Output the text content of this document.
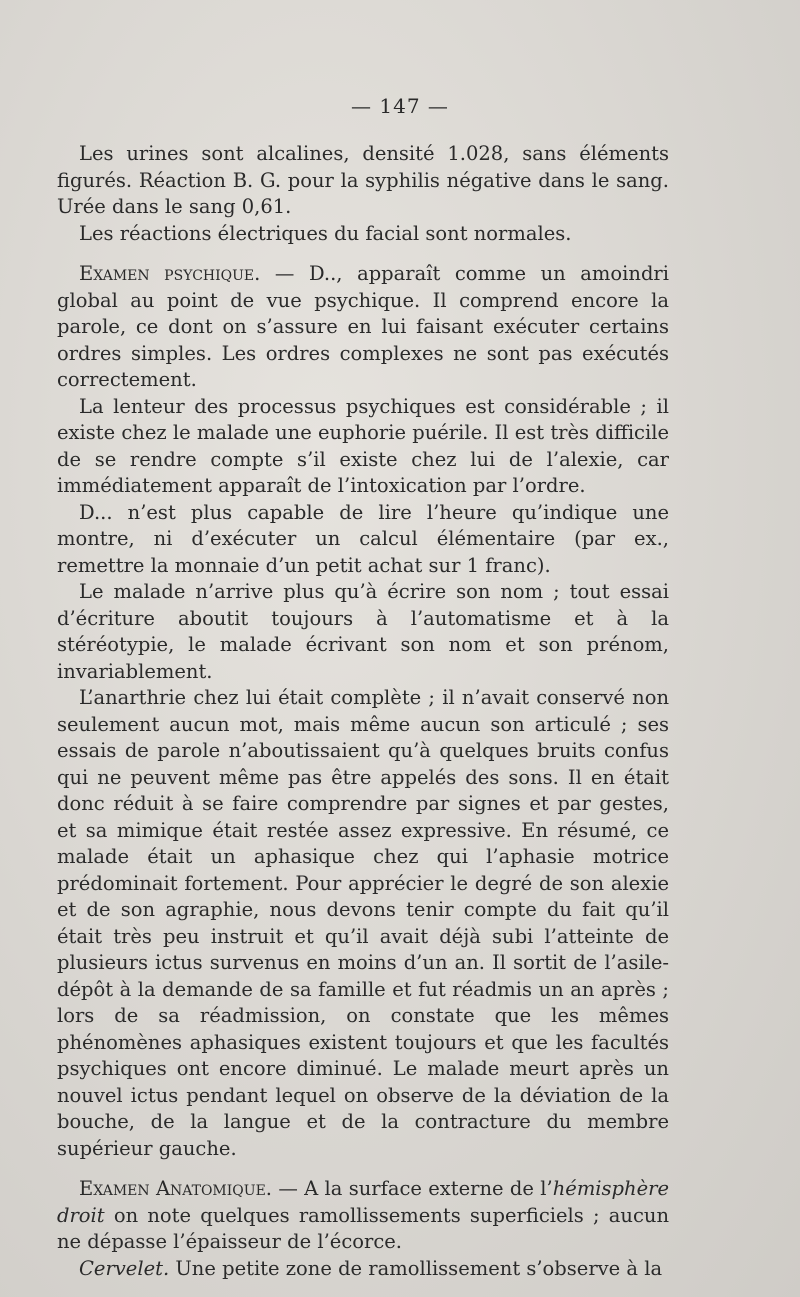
— 147 —

Les urines sont alcalines, densité 1.028, sans éléments figurés. Réaction B. G. pour la syphilis négative dans le sang. Urée dans le sang 0,61.

Les réactions électriques du facial sont normales.

Examen psychique. — D.., apparaît comme un amoindri global au point de vue psychique. Il comprend encore la parole, ce dont on s’assure en lui faisant exécuter certains ordres simples. Les ordres complexes ne sont pas exécutés correctement.

La lenteur des processus psychiques est considérable ; il existe chez le malade une euphorie puérile. Il est très difficile de se rendre compte s’il existe chez lui de l’alexie, car immédiatement apparaît de l’intoxication par l’ordre.

D... n’est plus capable de lire l’heure qu’indique une montre, ni d’exécuter un calcul élémentaire (par ex., remettre la monnaie d’un petit achat sur 1 franc).

Le malade n’arrive plus qu’à écrire son nom ; tout essai d’écriture aboutit toujours à l’automatisme et à la stéréotypie, le malade écrivant son nom et son prénom, invariablement.

L’anarthrie chez lui était complète ; il n’avait conservé non seulement aucun mot, mais même aucun son articulé ; ses essais de parole n’aboutissaient qu’à quelques bruits confus qui ne peuvent même pas être appelés des sons. Il en était donc réduit à se faire comprendre par signes et par gestes, et sa mimique était restée assez expressive. En résumé, ce malade était un aphasique chez qui l’aphasie motrice prédominait fortement. Pour apprécier le degré de son alexie et de son agraphie, nous devons tenir compte du fait qu’il était très peu instruit et qu’il avait déjà subi l’atteinte de plusieurs ictus survenus en moins d’un an. Il sortit de l’asile-dépôt à la demande de sa famille et fut réadmis un an après ; lors de sa réadmission, on constate que les mêmes phénomènes aphasiques existent toujours et que les facultés psychiques ont encore diminué. Le malade meurt après un nouvel ictus pendant lequel on observe de la déviation de la bouche, de la langue et de la contracture du membre supérieur gauche.

Examen Anatomique. — A la surface externe de l’hémisphère droit on note quelques ramollissements superficiels ; aucun ne dépasse l’épaisseur de l’écorce.

Cervelet. Une petite zone de ramollissement s’observe à la
